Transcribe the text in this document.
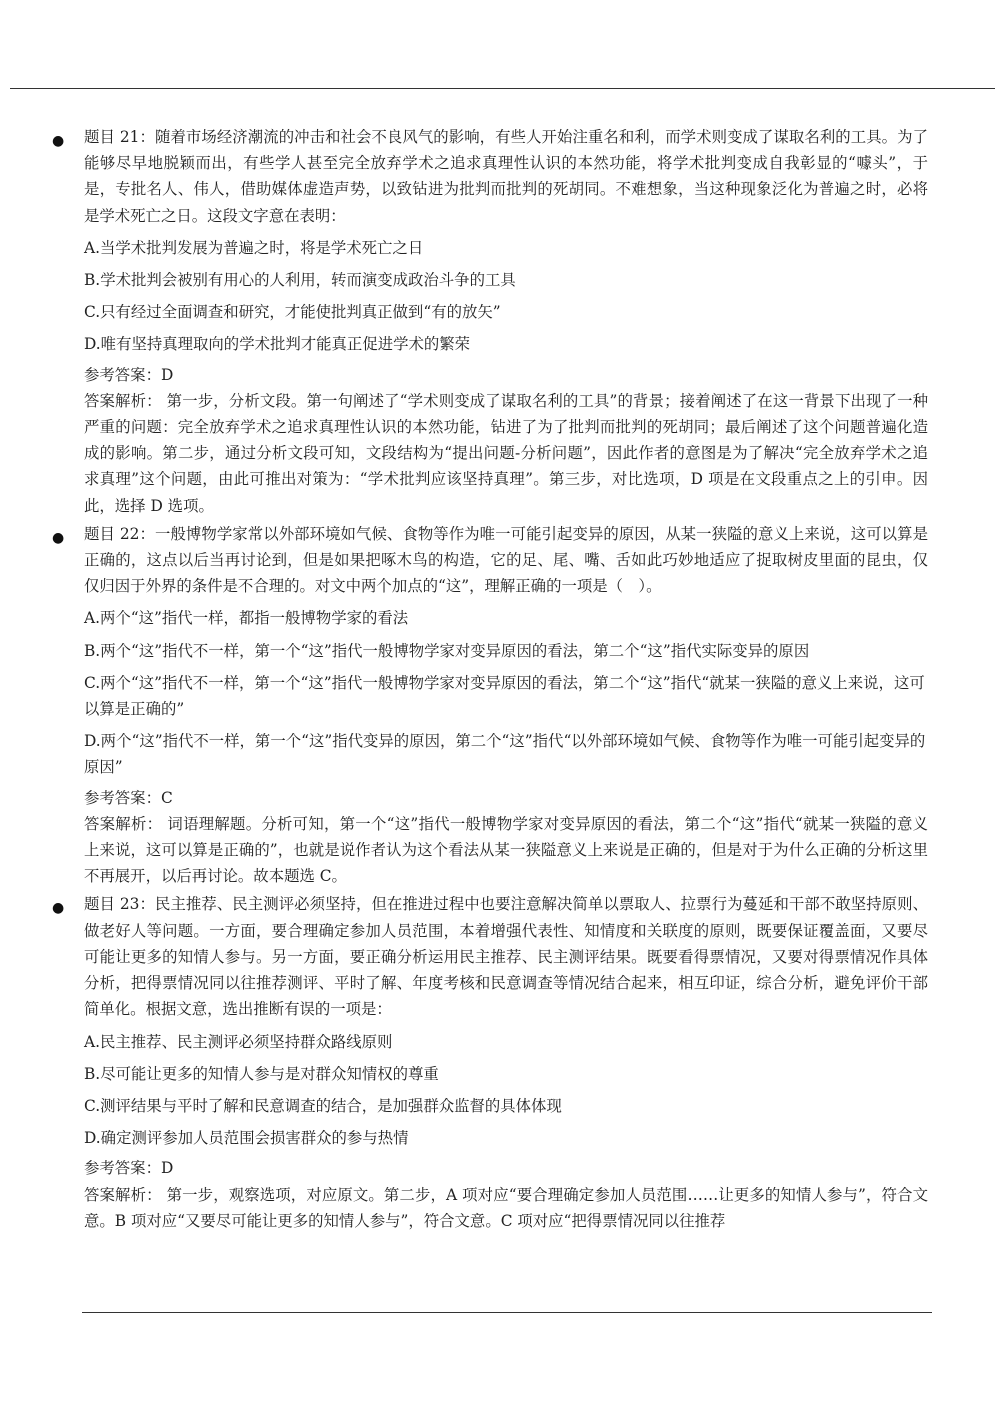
● 题目 21：随着市场经济潮流的冲击和社会不良风气的影响，有些人开始注重名和利，而学术则变成了谋取名利的工具。为了能够尽早地脱颖而出，有些学人甚至完全放弃学术之追求真理性认识的本然功能，将学术批判变成自我彰显的“噱头”，于是，专批名人、伟人，借助媒体虚造声势，以致钻进为批判而批判的死胡同。不难想象，当这种现象泛化为普遍之时，必将是学术死亡之日。这段文字意在表明：

A.当学术批判发展为普遍之时，将是学术死亡之日

B.学术批判会被别有用心的人利用，转而演变成政治斗争的工具

C.只有经过全面调查和研究，才能使批判真正做到“有的放矢”

D.唯有坚持真理取向的学术批判才能真正促进学术的繁荣

参考答案：D

答案解析： 第一步，分析文段。第一句阐述了“学术则变成了谋取名利的工具”的背景；接着阐述了在这一背景下出现了一种严重的问题：完全放弃学术之追求真理性认识的本然功能，钻进了为了批判而批判的死胡同；最后阐述了这个问题普遍化造成的影响。第二步，通过分析文段可知，文段结构为“提出问题-分析问题”，因此作者的意图是为了解决“完全放弃学术之追求真理”这个问题，由此可推出对策为：“学术批判应该坚持真理”。第三步，对比选项，D 项是在文段重点之上的引申。因此，选择 D 选项。

● 题目 22：一般博物学家常以外部环境如气候、食物等作为唯一可能引起变异的原因，从某一狭隘的意义上来说，这可以算是正确的，这点以后当再讨论到，但是如果把啄木鸟的构造，它的足、尾、嘴、舌如此巧妙地适应了捉取树皮里面的昆虫，仅仅归因于外界的条件是不合理的。对文中两个加点的“这”，理解正确的一项是（　）。

A.两个“这”指代一样，都指一般博物学家的看法

B.两个“这”指代不一样，第一个“这”指代一般博物学家对变异原因的看法，第二个“这”指代实际变异的原因

C.两个“这”指代不一样，第一个“这”指代一般博物学家对变异原因的看法，第二个“这”指代“就某一狭隘的意义上来说，这可以算是正确的”

D.两个“这”指代不一样，第一个“这”指代变异的原因，第二个“这”指代“以外部环境如气候、食物等作为唯一可能引起变异的原因”

参考答案：C

答案解析： 词语理解题。分析可知，第一个“这”指代一般博物学家对变异原因的看法，第二个“这”指代“就某一狭隘的意义上来说，这可以算是正确的”，也就是说作者认为这个看法从某一狭隘意义上来说是正确的，但是对于为什么正确的分析这里不再展开，以后再讨论。故本题选 C。

● 题目 23：民主推荐、民主测评必须坚持，但在推进过程中也要注意解决简单以票取人、拉票行为蔓延和干部不敢坚持原则、做老好人等问题。一方面，要合理确定参加人员范围，本着增强代表性、知情度和关联度的原则，既要保证覆盖面，又要尽可能让更多的知情人参与。另一方面，要正确分析运用民主推荐、民主测评结果。既要看得票情况，又要对得票情况作具体分析，把得票情况同以往推荐测评、平时了解、年度考核和民意调查等情况结合起来，相互印证，综合分析，避免评价干部简单化。根据文意，选出推断有误的一项是：

A.民主推荐、民主测评必须坚持群众路线原则

B.尽可能让更多的知情人参与是对群众知情权的尊重

C.测评结果与平时了解和民意调查的结合，是加强群众监督的具体体现

D.确定测评参加人员范围会损害群众的参与热情

参考答案：D

答案解析： 第一步，观察选项，对应原文。第二步，A 项对应“要合理确定参加人员范围……让更多的知情人参与”，符合文意。B 项对应“又要尽可能让更多的知情人参与”，符合文意。C 项对应“把得票情况同以往推荐
